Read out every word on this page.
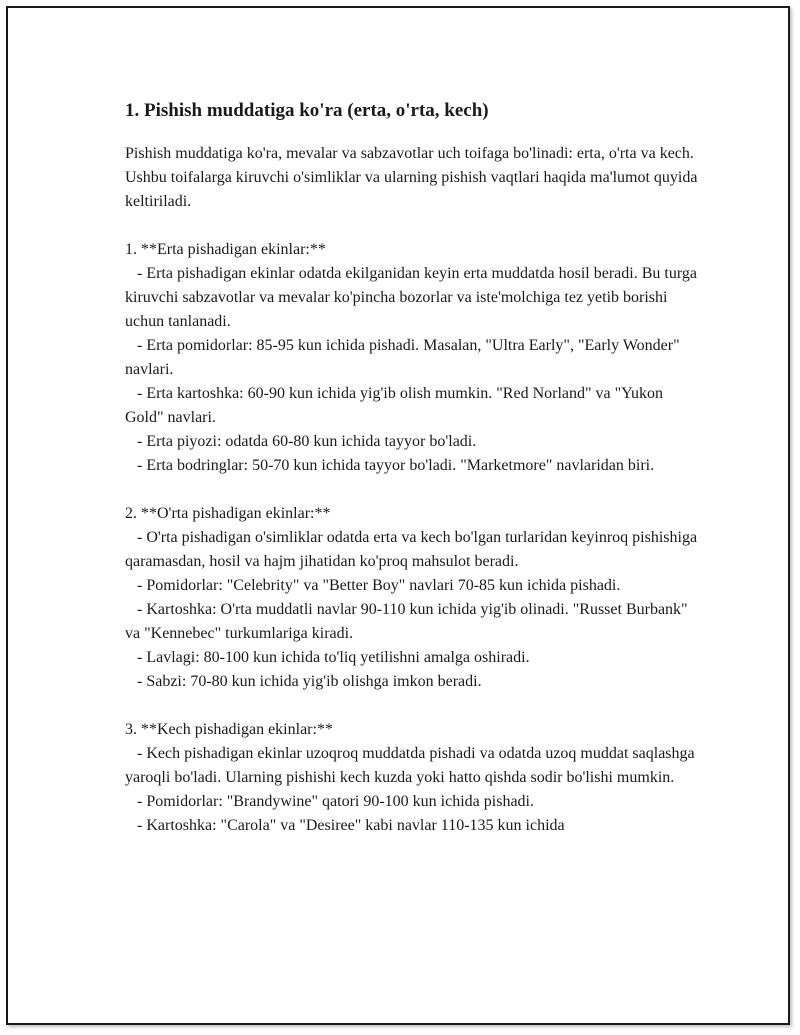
1. Pishish muddatiga ko'ra (erta, o'rta, kech)

Pishish muddatiga ko'ra, mevalar va sabzavotlar uch toifaga bo'linadi: erta, o'rta va kech. Ushbu toifalarga kiruvchi o'simliklar va ularning pishish vaqtlari haqida ma'lumot quyida keltiriladi.

1. **Erta pishadigan ekinlar:**

- Erta pishadigan ekinlar odatda ekilganidan keyin erta muddatda hosil beradi. Bu turga kiruvchi sabzavotlar va mevalar ko'pincha bozorlar va iste'molchiga tez yetib borishi uchun tanlanadi.

- Erta pomidorlar: 85-95 kun ichida pishadi. Masalan, "Ultra Early", "Early Wonder" navlari.

- Erta kartoshka: 60-90 kun ichida yig'ib olish mumkin. "Red Norland" va "Yukon Gold" navlari.

- Erta piyozi: odatda 60-80 kun ichida tayyor bo'ladi.

- Erta bodringlar: 50-70 kun ichida tayyor bo'ladi. "Marketmore" navlaridan biri.

2. **O'rta pishadigan ekinlar:**

- O'rta pishadigan o'simliklar odatda erta va kech bo'lgan turlaridan keyinroq pishishiga qaramasdan, hosil va hajm jihatidan ko'proq mahsulot beradi.

- Pomidorlar: "Celebrity" va "Better Boy" navlari 70-85 kun ichida pishadi.

- Kartoshka: O'rta muddatli navlar 90-110 kun ichida yig'ib olinadi. "Russet Burbank" va "Kennebec" turkumlariga kiradi.

- Lavlagi: 80-100 kun ichida to'liq yetilishni amalga oshiradi.

- Sabzi: 70-80 kun ichida yig'ib olishga imkon beradi.

3. **Kech pishadigan ekinlar:**

- Kech pishadigan ekinlar uzoqroq muddatda pishadi va odatda uzoq muddat saqlashga yaroqli bo'ladi. Ularning pishishi kech kuzda yoki hatto qishda sodir bo'lishi mumkin.

- Pomidorlar: "Brandywine" qatori 90-100 kun ichida pishadi.

- Kartoshka: "Carola" va "Desiree" kabi navlar 110-135 kun ichida
